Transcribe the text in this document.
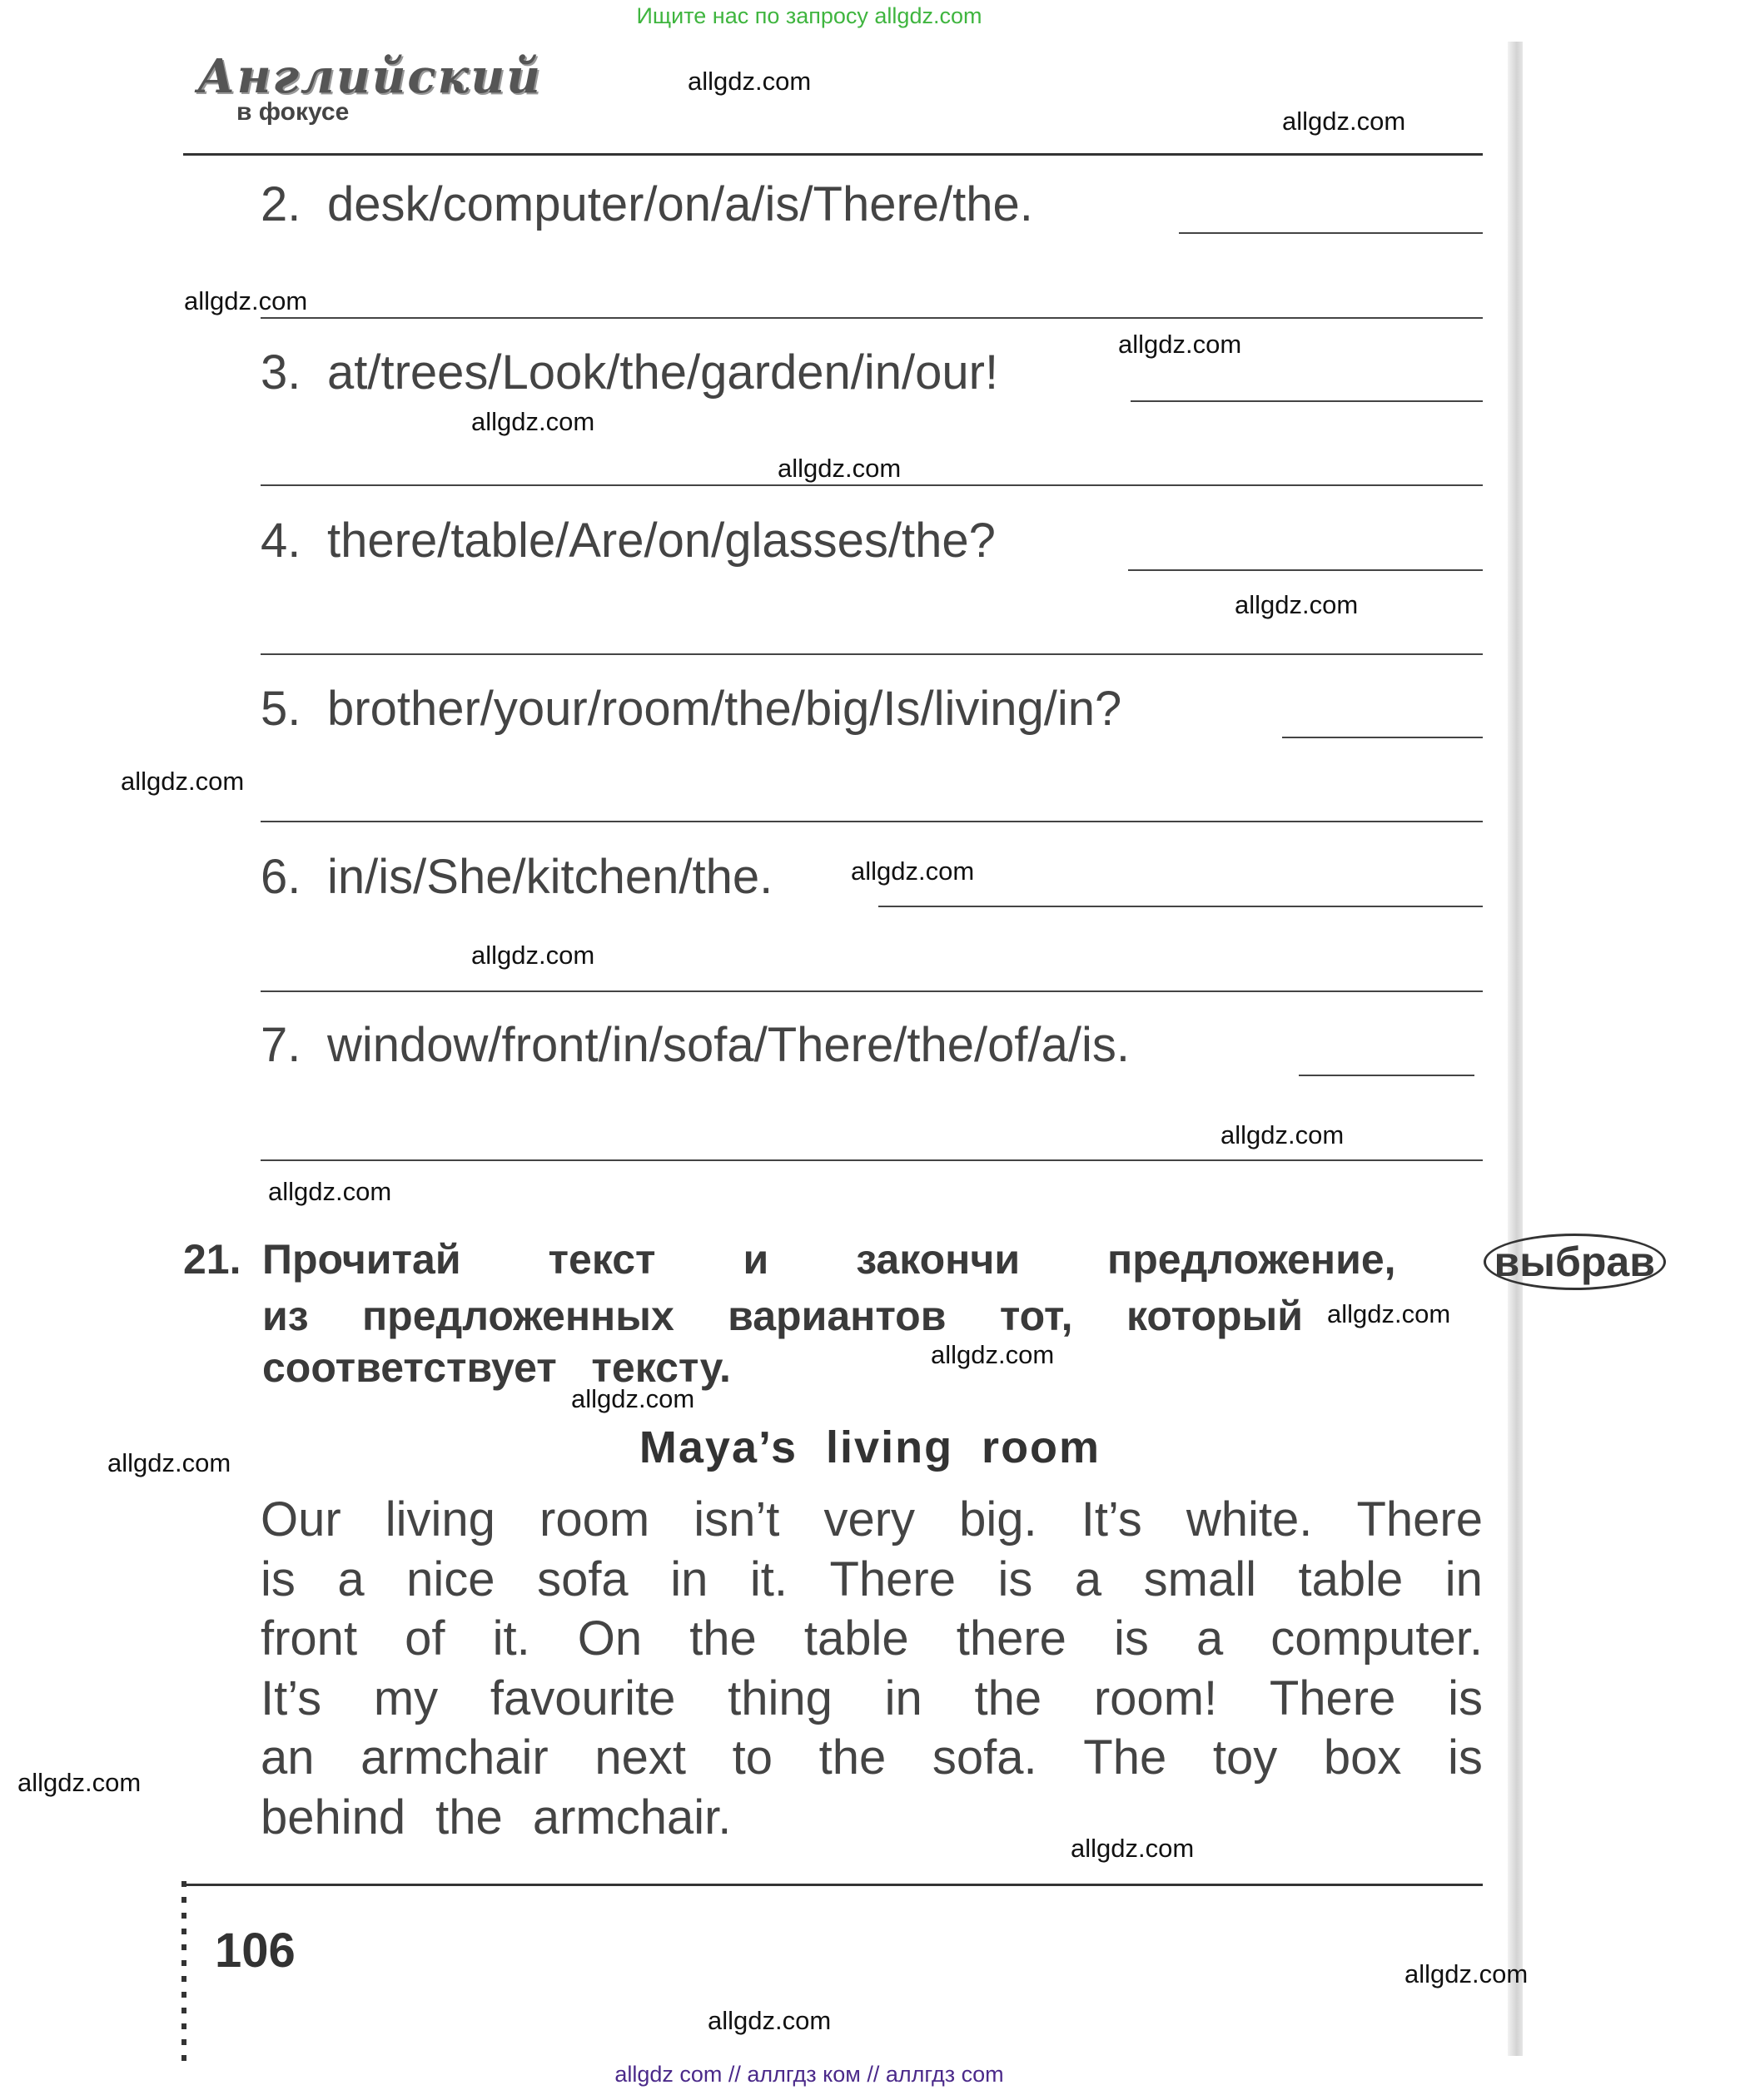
Ищите нас по запросу allgdz.com
allgdz com // аллгдз ком // аллгдз com
Английский
в фокусе
2. desk/computer/on/a/is/There/the.
3. at/trees/Look/the/garden/in/our!
4. there/table/Are/on/glasses/the?
5. brother/your/room/the/big/Is/living/in?
6. in/is/She/kitchen/the.
7. window/front/in/sofa/There/the/of/a/is.
21. Прочитай текст и закончи предложение, выбрав
из предложенных вариантов тот, который
соответствует   тексту.
Maya’s  living  room
Our living room isn’t very big. It’s white. There
is a nice sofa in it. There is a small table in
front of it. On the table there is a computer.
It’s my favourite thing in the room! There is
an armchair next to the sofa. The toy box is
behind the armchair.
106
allgdz.com
allgdz.com
allgdz.com
allgdz.com
allgdz.com
allgdz.com
allgdz.com
allgdz.com
allgdz.com
allgdz.com
allgdz.com
allgdz.com
allgdz.com
allgdz.com
allgdz.com
allgdz.com
allgdz.com
allgdz.com
allgdz.com
allgdz.com
